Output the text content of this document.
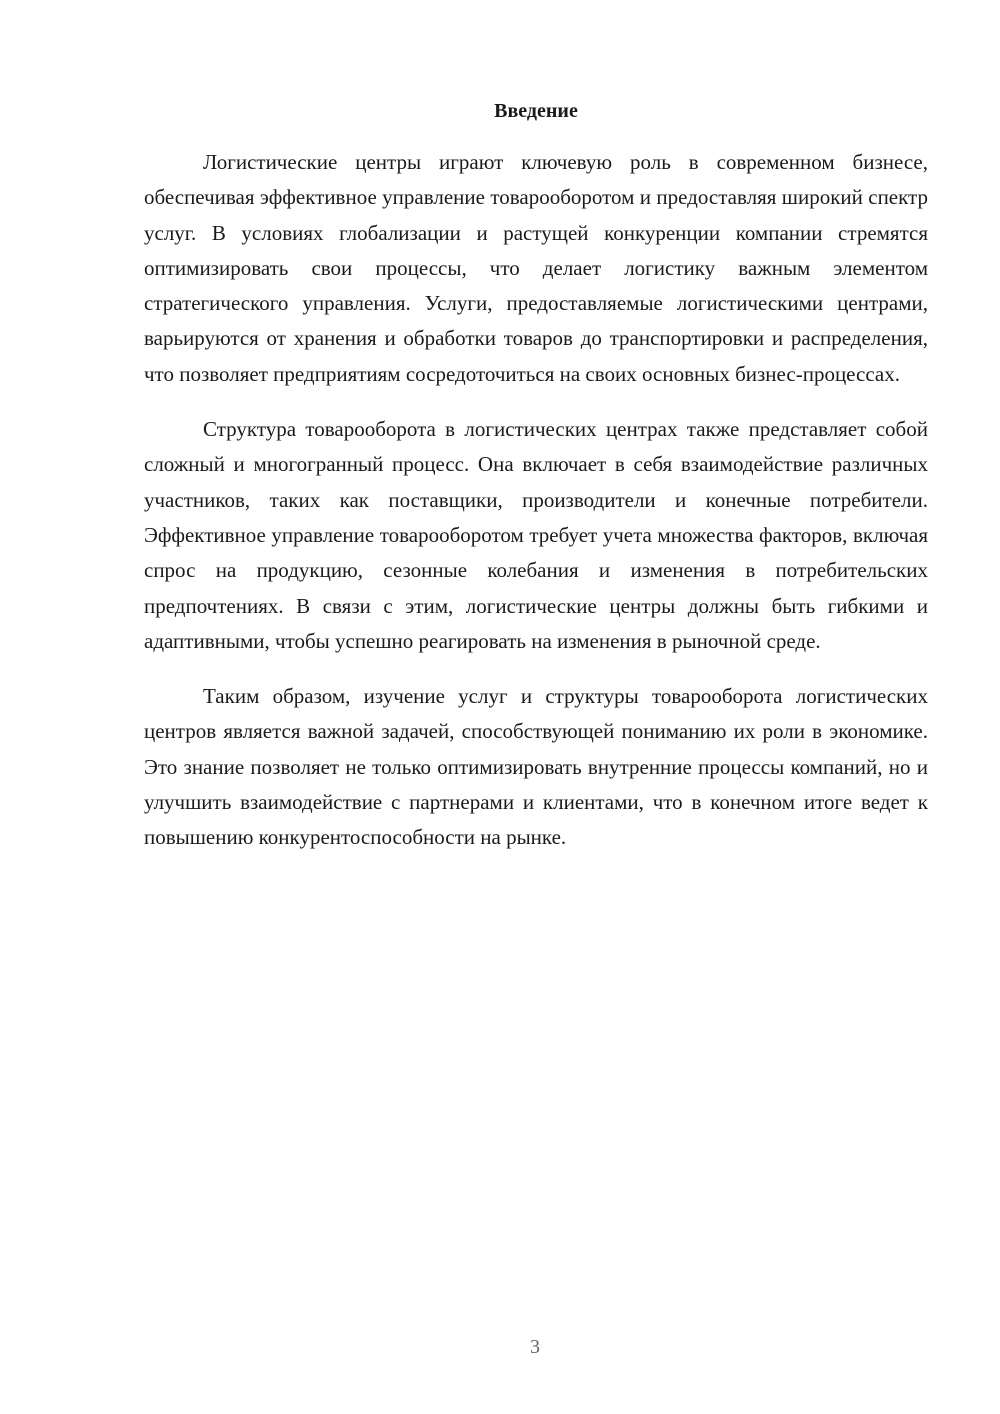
Введение

Логистические центры играют ключевую роль в современном бизнесе, обеспечивая эффективное управление товарооборотом и предоставляя широкий спектр услуг. В условиях глобализации и растущей конкуренции компании стремятся оптимизировать свои процессы, что делает логистику важным элементом стратегического управления. Услуги, предоставляемые логистическими центрами, варьируются от хранения и обработки товаров до транспортировки и распределения, что позволяет предприятиям сосредоточиться на своих основных бизнес-процессах.

Структура товарооборота в логистических центрах также представляет собой сложный и многогранный процесс. Она включает в себя взаимодействие различных участников, таких как поставщики, производители и конечные потребители. Эффективное управление товарооборотом требует учета множества факторов, включая спрос на продукцию, сезонные колебания и изменения в потребительских предпочтениях. В связи с этим, логистические центры должны быть гибкими и адаптивными, чтобы успешно реагировать на изменения в рыночной среде.

Таким образом, изучение услуг и структуры товарооборота логистических центров является важной задачей, способствующей пониманию их роли в экономике. Это знание позволяет не только оптимизировать внутренние процессы компаний, но и улучшить взаимодействие с партнерами и клиентами, что в конечном итоге ведет к повышению конкурентоспособности на рынке.

3
